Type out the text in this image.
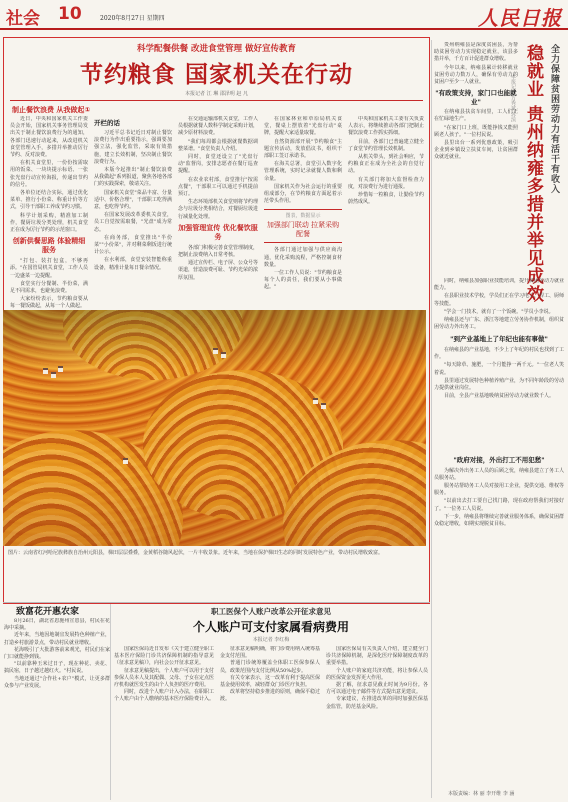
社会 10	2020年8月27日 星期四	人民日报
科学配餐供餐 改进食堂管理 做好宣传教育
节约粮食 国家机关在行动
本报记者 江 琳 邵泽明 赵 凡
制止餐饮浪费 从我做起①

近日，中央和国家机关工作委员会开始，国家机关事务管理局发出关于制止餐饮浪费行为的通知，各部门迅速行动起来，从改进机关食堂管理入手，多措并举推动厉行节约、反对浪费。

在机关食堂里，一份份按需取用的饭菜、一块块提示标语、一张张光盘行动宣传海报，传递出节约的信号。

各单位还结合实际，通过优化菜单、推行小份菜、称重计价等方式，引导干部职工养成节约习惯。

科学计划采购，精准加工制作，餐厨垃圾分类处理，机关食堂正在成为厉行节约的示范窗口。

创新供餐思路 体验精细服务

"打包、装打包盒，不够再添。"在国管局机关食堂，工作人员一边盛菜一边提醒。

食堂实行分餐制、半份菜，满足不同需求，也避免浪费。

大家纷纷表示，节约粮食要从每一餐饭做起，从每一个人做起。

开栏的话

习近平总书记近日对制止餐饮浪费行为作出重要指示，强调要加强立法，强化监管，采取有效措施，建立长效机制，坚决制止餐饮浪费行为。

本版今起推出"制止餐饮浪费 从我做起"系列报道，聚焦各地各部门的实践探索，敬请关注。

国家机关食堂"菜品丰富、分量适中、价格合理"，干部职工吃得满意，也吃得节约。

在国家发展改革委机关食堂，员工自觉按需取餐，"光盘"成为常态。

在商务部，食堂推出"半份菜""小份菜"，并对剩菜剩饭进行统计公示。

在水利部，食堂安装智能称重设备，精准计量每日餐余情况。

在交通运输部机关食堂，工作人员根据就餐人数科学制定采购计划，减少原材料浪费。

"我们每周都会根据就餐数据调整菜谱。"食堂负责人介绍。

同时，食堂还设立了"光盘行动"监督岗，安排志愿者在餐厅巡查提醒。

在农业农村部，食堂推行"按需点餐"，干部职工可以通过手机提前预订。

生态环境部机关食堂则将节约理念与垃圾分类相结合，对餐厨垃圾进行减量化处理。

加强管理宣传 优化餐饮服务

各部门积极完善食堂管理制度，把制止浪费纳入日常考核。

通过宣传栏、电子屏、公众号等渠道，营造浪费可耻、节约光荣的浓厚氛围。

在国家林业和草原局机关食堂，餐桌上摆放着"光盘行动"桌牌，提醒大家适量取餐。

自然资源部开展"节约粮食"主题宣传活动，发放倡议书，组织干部职工签订承诺书。

在海关总署，食堂引入数字化管理系统，实时记录就餐人数和剩余量。

国家机关作为社会运行的重要组成部分，在节约粮食方面起着示范带头作用。

图表，数据显示
加强部门联动 拉紧采购配餐

各部门通过加强与供应商沟通，优化采购流程，严格控制食材数量。

一位工作人员说："节约粮食是每个人的责任，我们要从小事做起。"

中央和国家机关工委有关负责人表示，将继续推动各部门把制止餐饮浪费工作抓实抓细。

目前，各部门已普遍建立健全了食堂节约管理长效机制。

从机关带头，到社会响应，节约粮食正在成为全社会的自觉行动。

有关部门将加大监督检查力度，对浪费行为进行通报。

珍惜每一粒粮食，让勤俭节约蔚然成风。

图片：云南省红河哈尼族彝族自治州元阳县，梯田层层叠叠，金黄稻谷随风起伏，一片丰收景象。近年来，当地在保护梯田生态的同时发展特色产业，带动村民增收致富。
全力保障贫困劳动力有活干有收入
稳就业 贵州纳雍多措并举见成效
本报记者 万秀斌 苏滨

贵州纳雍县是深度贫困县，为帮助贫困劳动力实现稳定就业，该县多措并举，千方百计促进群众增收。

今年以来，纳雍县累计转移就业贫困劳动力数万人，确保有劳动力的贫困户至少一人就业。

"有政策支持，家门口也能就业"

在纳雍县扶贫车间里，工人们正在忙碌地生产。

"在家门口上班，既能挣钱又能照顾老人孩子。"一位村民说。

县里出台一系列优惠政策，吸引企业到乡镇设立扶贫车间，让贫困群众就近就业。

同时，纳雍县加强职业技能培训，提升贫困劳动力就业能力。

在县职业技术学校，学员们正在学习电工、焊工、厨师等技能。

"学会一门技术，就有了一个饭碗。"学员小李说。

纳雍县还与广东、浙江等地建立劳务协作机制，组织贫困劳动力外出务工。

"到产业基地上了年纪也能有事做"

在纳雍县的产业基地，不少上了年纪的村民也找到了工作。

"每天除草、施肥，一个月能挣一两千元。"一位老人笑着说。

县里通过发展特色种植养殖产业，为不同年龄段的劳动力提供就业岗位。

目前，全县产业基地吸纳贫困劳动力就业数千人。

"政府对接，外出打工不用犯愁"

为解决外出务工人员的后顾之忧，纳雍县建立了务工人员服务站。

服务站帮助务工人员对接用工企业，提供交通、维权等服务。

"以前出去打工要自己找门路，现在政府帮我们对接好了。"一位务工人员说。

下一步，纳雍县将继续完善就业服务体系，确保贫困群众稳定增收，如期实现脱贫目标。

本版责编：林 丽 李开维 李 涵
致富花开惠农家

8月26日，湖北省恩施州宣恩县，村民在花海中采摘。

近年来，当地因地制宜发展特色种植产业，打造乡村旅游景点，带动村民就业增收。

花海吸引了大批游客前来观光，村民们在家门口就能挣到钱。

"以前靠种玉米过日子，现在种花、卖花、搞民宿，日子越过越红火。"村民说。

当地还通过"合作社+农户"模式，让更多群众参与产业发展。

职工医保个人账户改革公开征求意见
个人账户可支付家属看病费用
本报记者 李红梅

国家医保局近日发布《关于建立健全职工基本医疗保险门诊共济保障机制的指导意见（征求意见稿）》，向社会公开征求意见。

征求意见稿提出，个人账户可以用于支付参保人员本人及其配偶、父母、子女在定点医疗机构就医发生的由个人负担的医疗费用。

同时，改进个人账户计入办法，在职职工个人账户由个人缴纳的基本医疗保险费计入。

征求意见稿明确，将门诊费用纳入统筹基金支付范围。

普通门诊统筹覆盖全体职工医保参保人员，政策范围内支付比例从50%起步。

有关专家表示，这一改革有利于提高医保基金使用效率，减轻群众门诊医疗负担。

改革将坚持稳步推进的原则，确保平稳过渡。

国家医保局有关负责人介绍，建立健全门诊共济保障机制，是深化医疗保障制度改革的重要举措。

个人账户的家庭共济功能，将让参保人员的医保资金发挥更大作用。

据了解，征求意见截止时间为9月份。各方可以通过电子邮件等方式提出意见建议。

专家建议，在推进改革的同时加强医保基金监管，防范基金风险。
